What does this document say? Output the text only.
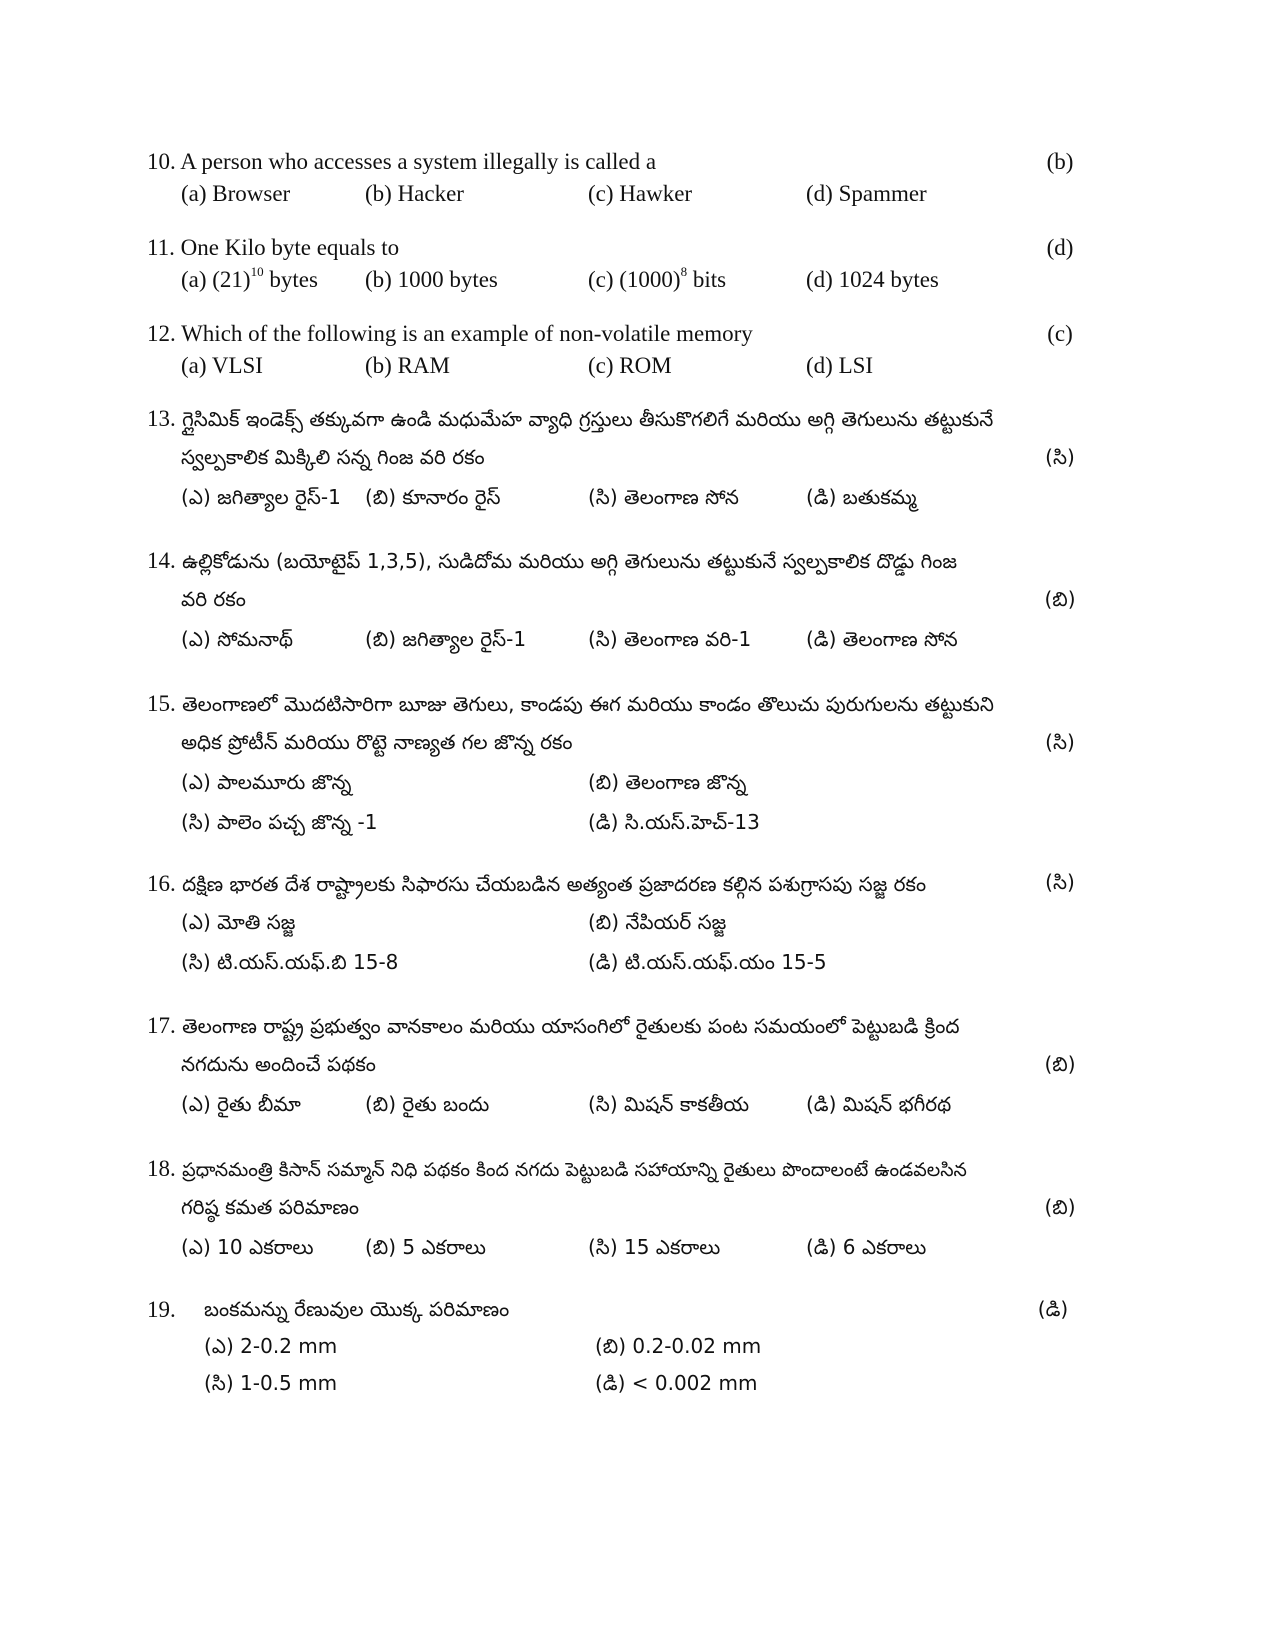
10. A person who accesses a system illegally is called a	(b)
(a) Browser	(b) Hacker	(c) Hawker	(d) Spammer
11. One Kilo byte equals to	(d)
(a) $(21)^{10}$ bytes (b) 1000 bytes	(c) $(1000)^8$ bits	(d) 1024 bytes
12. Which of the following is an example of non-volatile memory	(c)
(a) VLSI	(b) RAM	(c) ROM	(d) LSI
13. గ్లైసిమిక్ ఇండెక్స్ తక్కువగా ఉండి మధుమేహ వ్యాధి గ్రస్తులు తీసుకొగలిగే మరియు అగ్గి తెగులును తట్టుకునే
స్వల్పకాలిక మిక్కిలి సన్న గింజ వరి రకం	(సి)
(ఎ) జగిత్యాల రైస్-1 (బి) కూనారం రైస్	(సి) తెలంగాణ సోన	(డి) బతుకమ్మ
14. ఉల్లికోడును (బయోటైప్ 1,3,5), సుడిదోమ మరియు అగ్గి తెగులును తట్టుకునే స్వల్పకాలిక దొడ్డు గింజ
వరి రకం	(బి)
(ఎ) సోమనాథ్	(బి) జగిత్యాల రైస్-1	(సి) తెలంగాణ వరి-1	(డి) తెలంగాణ సోన
15. తెలంగాణలో మొదటిసారిగా బూజు తెగులు, కాండపు ఈగ మరియు కాండం తొలుచు పురుగులను తట్టుకుని
అధిక ప్రోటీన్ మరియు రొట్టె నాణ్యత గల జొన్న రకం	(సి)
(ఎ) పాలమూరు జొన్న	(బి) తెలంగాణ జొన్న
(సి) పాలెం పచ్చ జొన్న -1	(డి) సి.యస్.హెచ్-13
16. దక్షిణ భారత దేశ రాష్ట్రాలకు సిఫారసు చేయబడిన అత్యంత ప్రజాదరణ కల్గిన పశుగ్రాసపు సజ్జ రకం	(సి)
(ఎ) మోతి సజ్జ	(బి) నేపియర్ సజ్జ
(సి) టి.యస్.యఫ్.బి 15-8	(డి) టి.యస్.యఫ్.యం 15-5
17. తెలంగాణ రాష్ట్ర ప్రభుత్వం వానకాలం మరియు యాసంగిలో రైతులకు పంట సమయంలో పెట్టుబడి క్రింద
నగదును అందించే పథకం	(బి)
(ఎ) రైతు బీమా	(బి) రైతు బందు	(సి) మిషన్ కాకతీయ	(డి) మిషన్ భగీరథ
18. ప్రధానమంత్రి కిసాన్ సమ్మాన్ నిధి పథకం కింద నగదు పెట్టుబడి సహాయాన్ని రైతులు పొందాలంటే ఉండవలసిన
గరిష్ఠ కమత పరిమాణం	(బి)
(ఎ) 10 ఎకరాలు	(బి) 5 ఎకరాలు	(సి) 15 ఎకరాలు	(డి) 6 ఎకరాలు
19. బంకమన్ను రేణువుల యొక్క పరిమాణం	(డి)
(ఎ) 2-0.2 mm	(బి) 0.2-0.02 mm
(సి) 1-0.5 mm	(డి) < 0.002 mm
